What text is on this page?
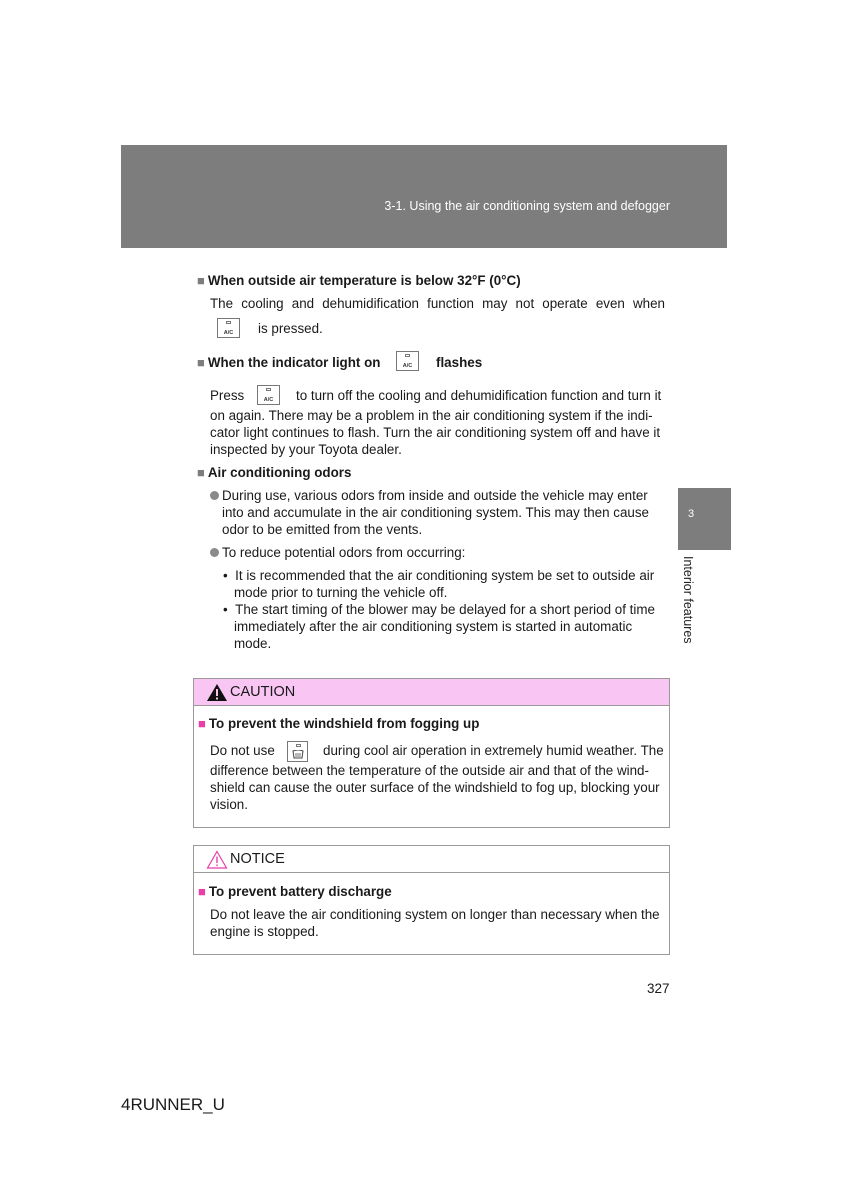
3-1. Using the air conditioning system and defogger
3
Interior features
■ When outside air temperature is below 32°F (0°C)
The cooling and dehumidification function may not operate even when
A/C	is pressed.
■ When the indicator light on	A/C	flashes
Press	A/C	to turn off the cooling and dehumidification function and turn it
on again. There may be a problem in the air conditioning system if the indi-
cator light continues to flash. Turn the air conditioning system off and have it
inspected by your Toyota dealer.
■ Air conditioning odors
During use, various odors from inside and outside the vehicle may enter
into and accumulate in the air conditioning system. This may then cause
odor to be emitted from the vents.
To reduce potential odors from occurring:
• It is recommended that the air conditioning system be set to outside air
mode prior to turning the vehicle off.
• The start timing of the blower may be delayed for a short period of time
immediately after the air conditioning system is started in automatic
mode.
CAUTION
■ To prevent the windshield from fogging up
Do not use	during cool air operation in extremely humid weather. The
difference between the temperature of the outside air and that of the wind-
shield can cause the outer surface of the windshield to fog up, blocking your
vision.
NOTICE
■ To prevent battery discharge
Do not leave the air conditioning system on longer than necessary when the
engine is stopped.
327
4RUNNER_U
